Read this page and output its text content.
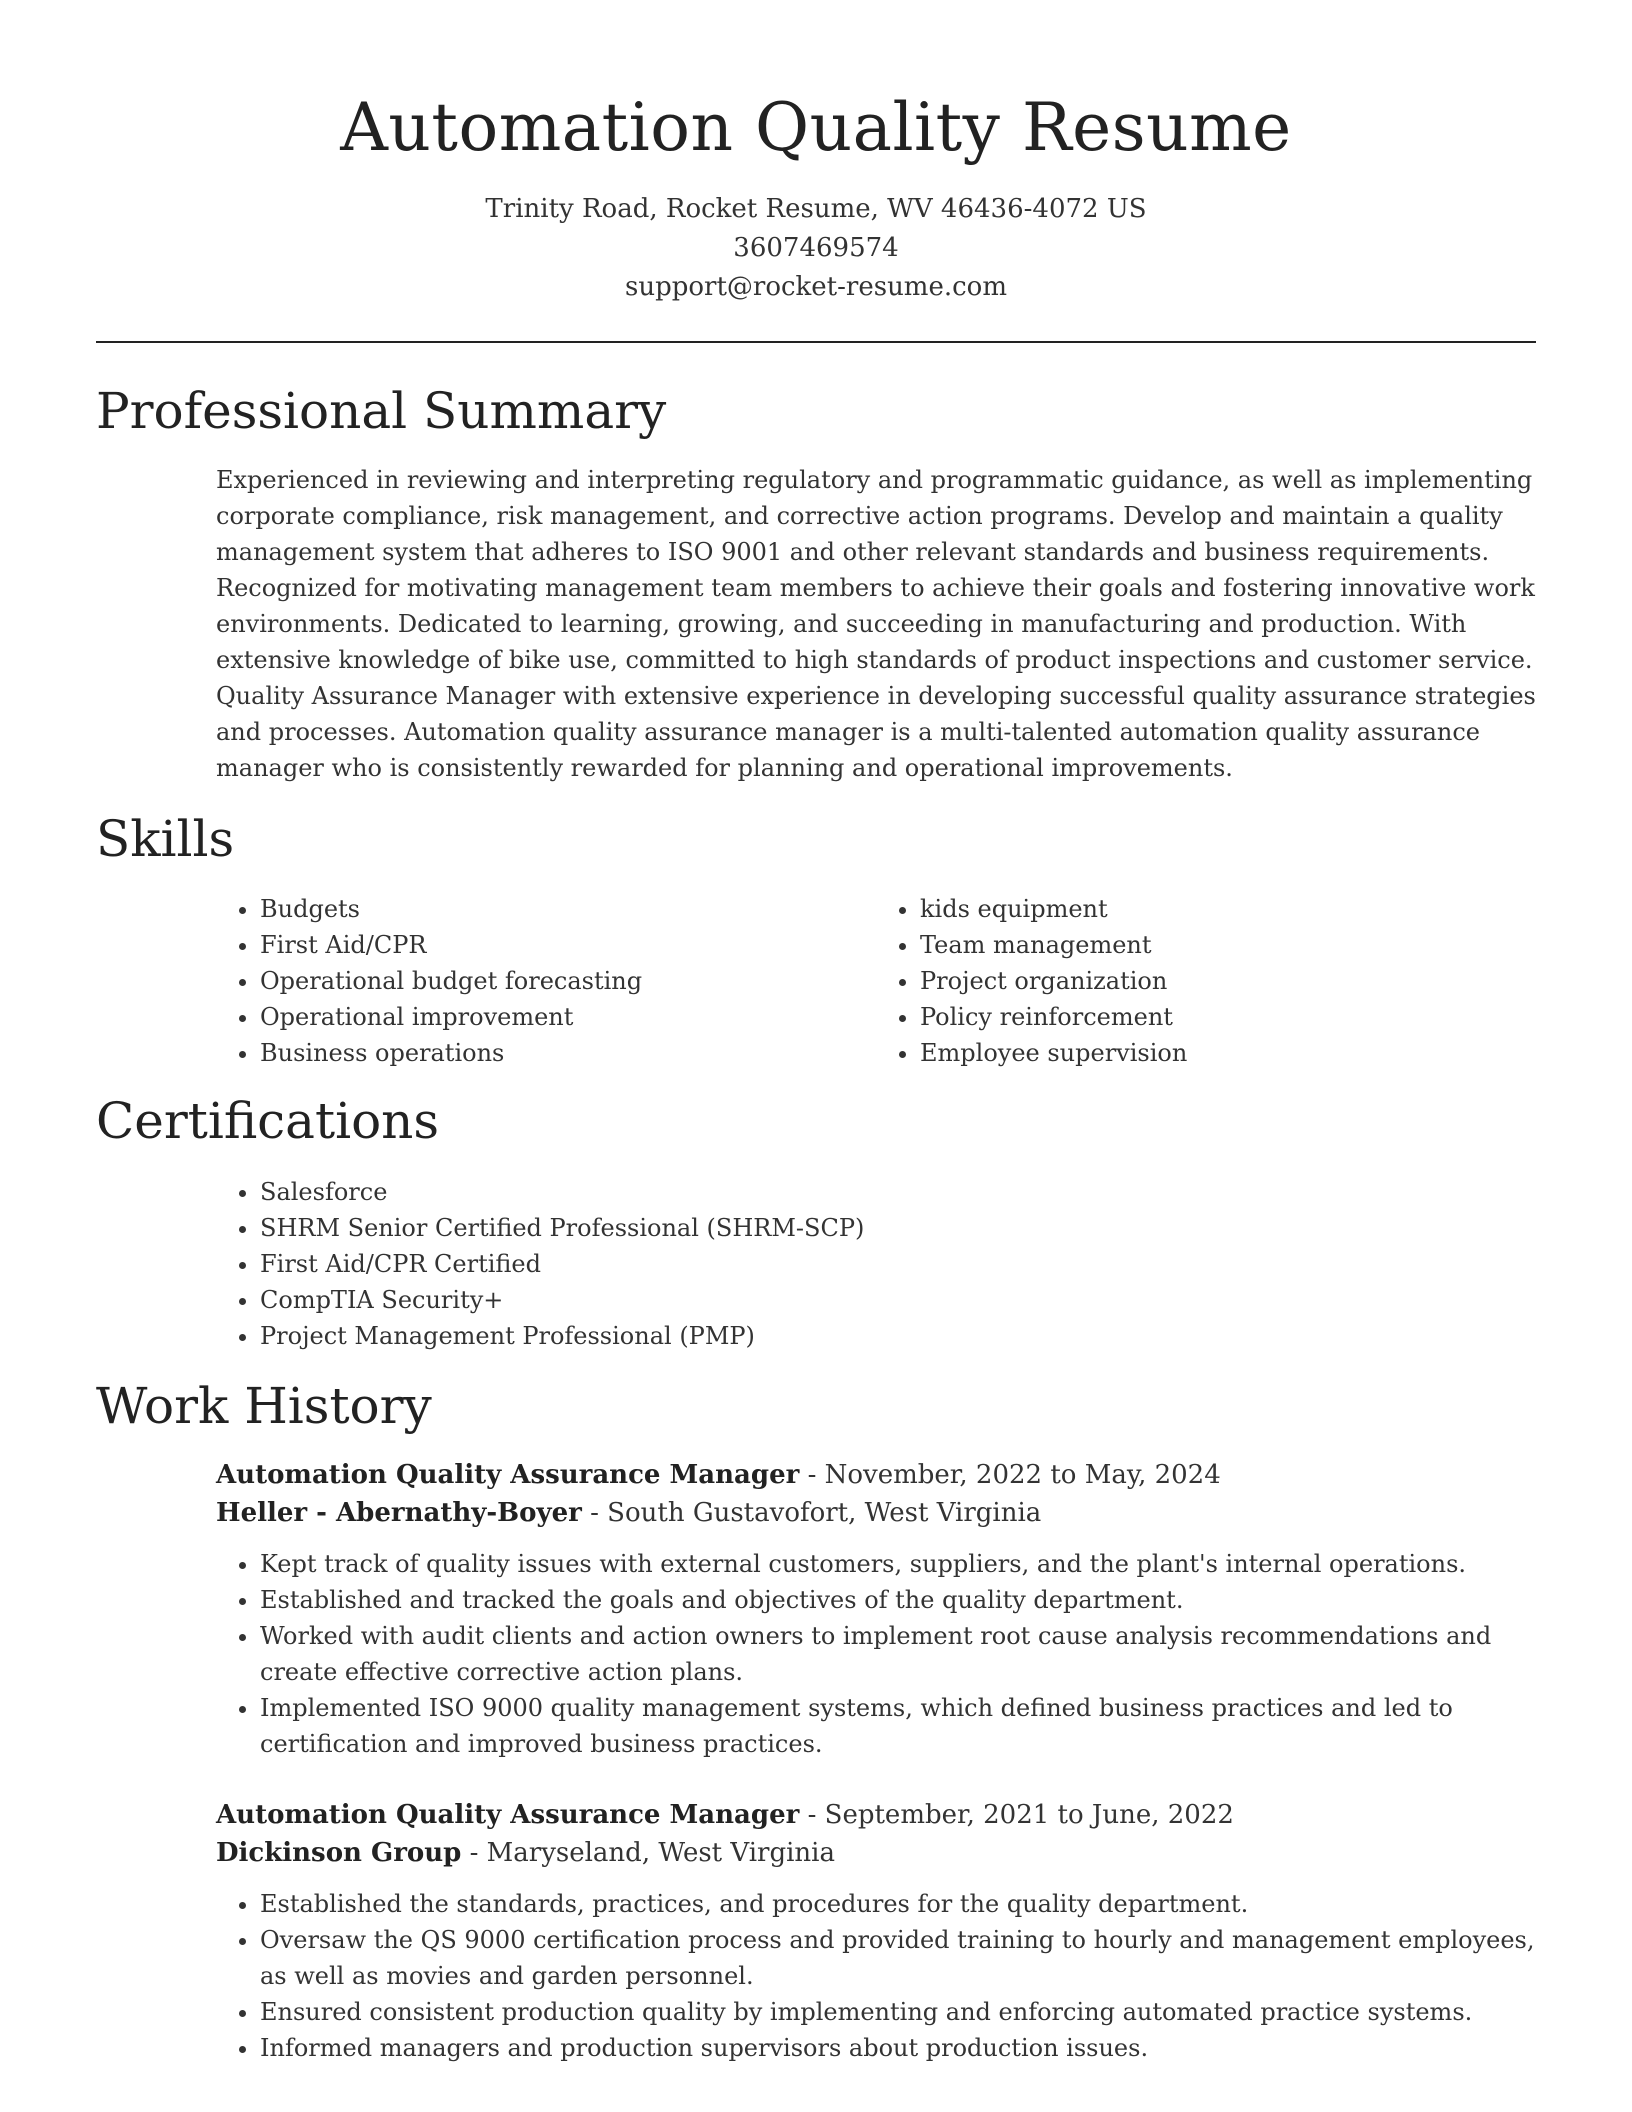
Automation Quality Resume
Trinity Road, Rocket Resume, WV 46436-4072 US
3607469574
support@rocket-resume.com
Professional Summary
Experienced in reviewing and interpreting regulatory and programmatic guidance, as well as implementing corporate compliance, risk management, and corrective action programs. Develop and maintain a quality management system that adheres to ISO 9001 and other relevant standards and business requirements. Recognized for motivating management team members to achieve their goals and fostering innovative work environments. Dedicated to learning, growing, and succeeding in manufacturing and production. With extensive knowledge of bike use, committed to high standards of product inspections and customer service. Quality Assurance Manager with extensive experience in developing successful quality assurance strategies and processes. Automation quality assurance manager is a multi-talented automation quality assurance manager who is consistently rewarded for planning and operational improvements.
Skills
• Budgets
• First Aid/CPR
• Operational budget forecasting
• Operational improvement
• Business operations
• kids equipment
• Team management
• Project organization
• Policy reinforcement
• Employee supervision
Certifications
• Salesforce
• SHRM Senior Certified Professional (SHRM-SCP)
• First Aid/CPR Certified
• CompTIA Security+
• Project Management Professional (PMP)
Work History
Automation Quality Assurance Manager - November, 2022 to May, 2024
Heller - Abernathy-Boyer - South Gustavofort, West Virginia
• Kept track of quality issues with external customers, suppliers, and the plant's internal operations.
• Established and tracked the goals and objectives of the quality department.
• Worked with audit clients and action owners to implement root cause analysis recommendations and create effective corrective action plans.
• Implemented ISO 9000 quality management systems, which defined business practices and led to certification and improved business practices.
Automation Quality Assurance Manager - September, 2021 to June, 2022
Dickinson Group - Maryseland, West Virginia
• Established the standards, practices, and procedures for the quality department.
• Oversaw the QS 9000 certification process and provided training to hourly and management employees, as well as movies and garden personnel.
• Ensured consistent production quality by implementing and enforcing automated practice systems.
• Informed managers and production supervisors about production issues.
